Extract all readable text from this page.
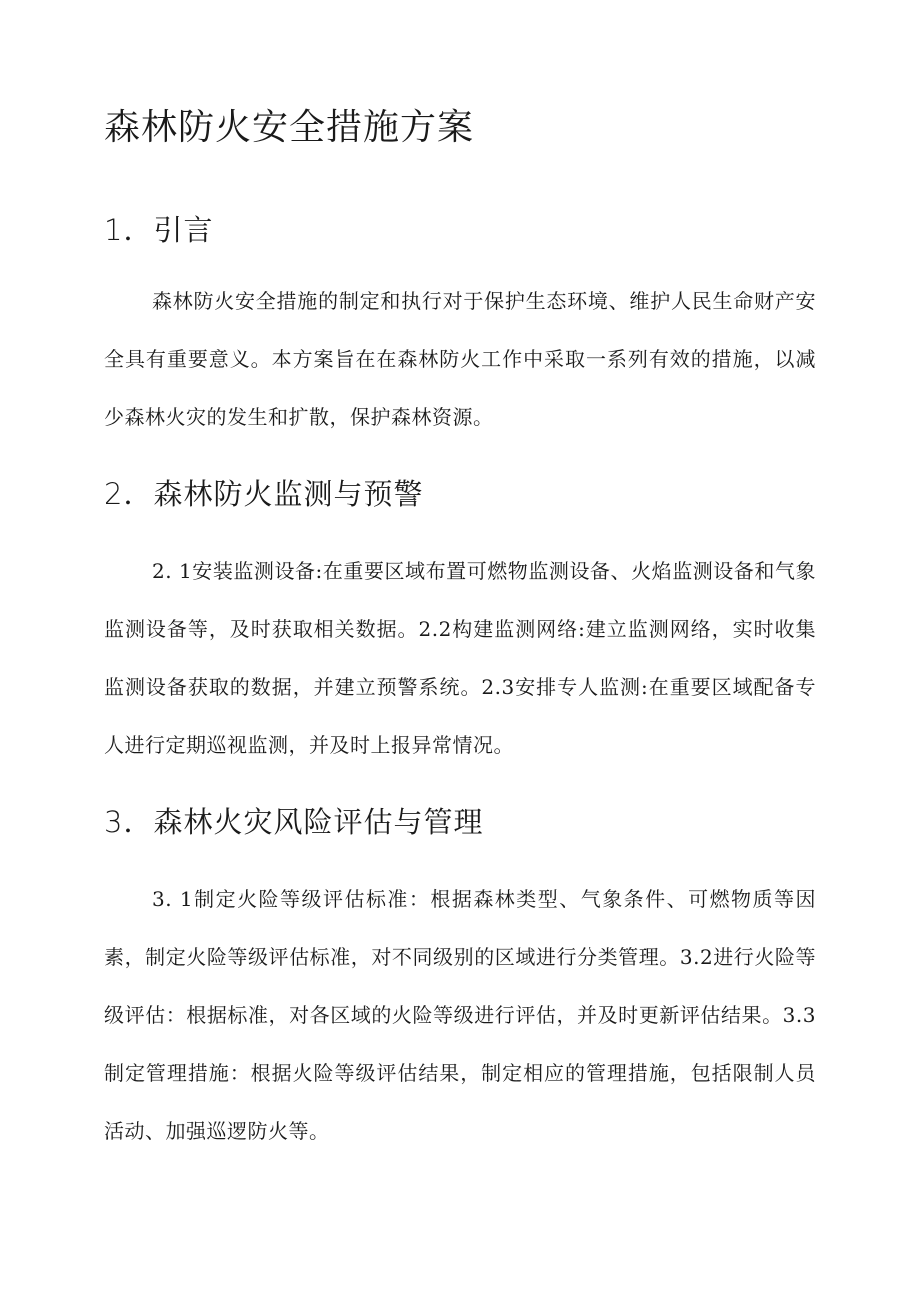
森林防火安全措施方案
1．引言

森林防火安全措施的制定和执行对于保护生态环境、维护人民生命财产安全具有重要意义。本方案旨在在森林防火工作中采取一系列有效的措施，以减少森林火灾的发生和扩散，保护森林资源。

2．森林防火监测与预警

2. 1安装监测设备:在重要区域布置可燃物监测设备、火焰监测设备和气象监测设备等，及时获取相关数据。2.2构建监测网络:建立监测网络，实时收集监测设备获取的数据，并建立预警系统。2.3安排专人监测:在重要区域配备专人进行定期巡视监测，并及时上报异常情况。

3．森林火灾风险评估与管理

3. 1制定火险等级评估标准：根据森林类型、气象条件、可燃物质等因素，制定火险等级评估标准，对不同级别的区域进行分类管理。3.2进行火险等级评估：根据标准，对各区域的火险等级进行评估，并及时更新评估结果。3.3制定管理措施：根据火险等级评估结果，制定相应的管理措施，包括限制人员活动、加强巡逻防火等。
